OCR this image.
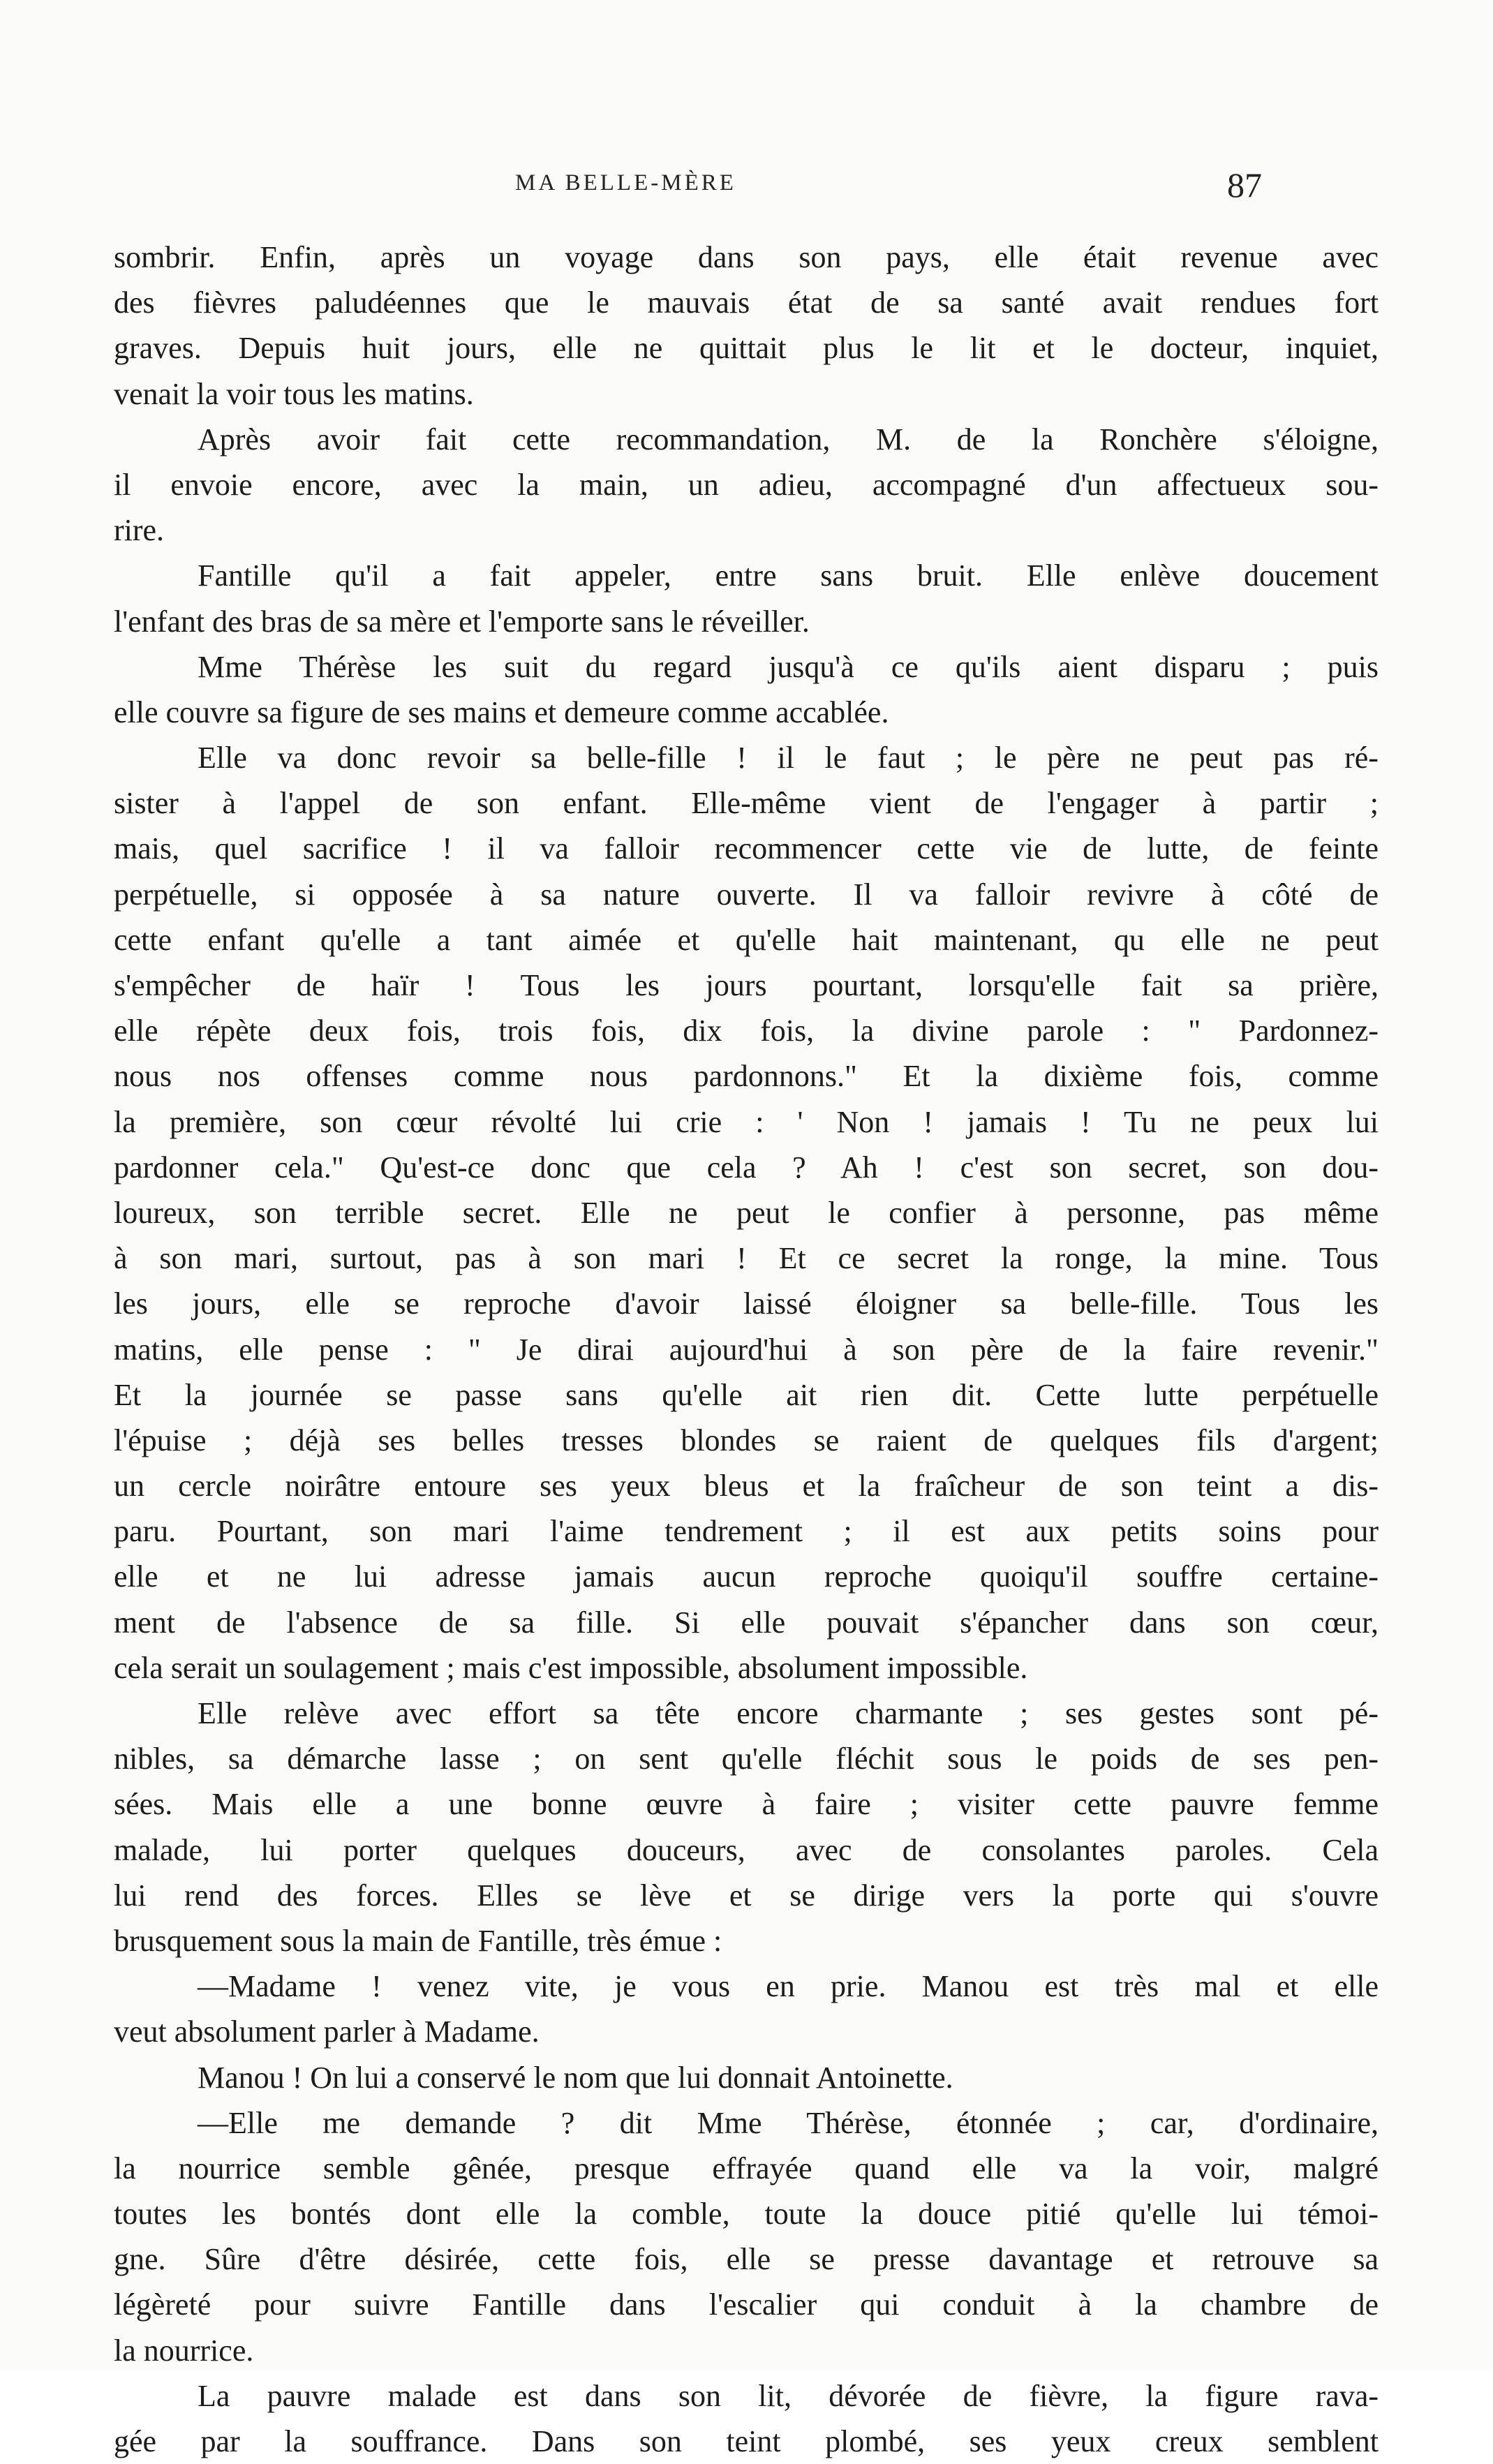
MA BELLE-MÈRE	87
sombrir. Enfin, après un voyage dans son pays, elle était revenue avec
des fièvres paludéennes que le mauvais état de sa santé avait rendues fort
graves. Depuis huit jours, elle ne quittait plus le lit et le docteur, inquiet,
venait la voir tous les matins.
Après avoir fait cette recommandation, M. de la Ronchère s'éloigne,
il envoie encore, avec la main, un adieu, accompagné d'un affectueux sou-
rire.
Fantille qu'il a fait appeler, entre sans bruit. Elle enlève doucement
l'enfant des bras de sa mère et l'emporte sans le réveiller.
Mme Thérèse les suit du regard jusqu'à ce qu'ils aient disparu ; puis
elle couvre sa figure de ses mains et demeure comme accablée.
Elle va donc revoir sa belle-fille ! il le faut ; le père ne peut pas ré-
sister à l'appel de son enfant. Elle-même vient de l'engager à partir ;
mais, quel sacrifice ! il va falloir recommencer cette vie de lutte, de feinte
perpétuelle, si opposée à sa nature ouverte. Il va falloir revivre à côté de
cette enfant qu'elle a tant aimée et qu'elle hait maintenant, qu elle ne peut
s'empêcher de haïr ! Tous les jours pourtant, lorsqu'elle fait sa prière,
elle répète deux fois, trois fois, dix fois, la divine parole : " Pardonnez-
nous nos offenses comme nous pardonnons." Et la dixième fois, comme
la première, son cœur révolté lui crie : ' Non ! jamais ! Tu ne peux lui
pardonner cela." Qu'est-ce donc que cela ? Ah ! c'est son secret, son dou-
loureux, son terrible secret. Elle ne peut le confier à personne, pas même
à son mari, surtout, pas à son mari ! Et ce secret la ronge, la mine. Tous
les jours, elle se reproche d'avoir laissé éloigner sa belle-fille. Tous les
matins, elle pense : " Je dirai aujourd'hui à son père de la faire revenir."
Et la journée se passe sans qu'elle ait rien dit. Cette lutte perpétuelle
l'épuise ; déjà ses belles tresses blondes se raient de quelques fils d'argent;
un cercle noirâtre entoure ses yeux bleus et la fraîcheur de son teint a dis-
paru. Pourtant, son mari l'aime tendrement ; il est aux petits soins pour
elle et ne lui adresse jamais aucun reproche quoiqu'il souffre certaine-
ment de l'absence de sa fille. Si elle pouvait s'épancher dans son cœur,
cela serait un soulagement ; mais c'est impossible, absolument impossible.
Elle relève avec effort sa tête encore charmante ; ses gestes sont pé-
nibles, sa démarche lasse ; on sent qu'elle fléchit sous le poids de ses pen-
sées. Mais elle a une bonne œuvre à faire ; visiter cette pauvre femme
malade, lui porter quelques douceurs, avec de consolantes paroles. Cela
lui rend des forces. Elles se lève et se dirige vers la porte qui s'ouvre
brusquement sous la main de Fantille, très émue :
—Madame ! venez vite, je vous en prie. Manou est très mal et elle
veut absolument parler à Madame.
Manou ! On lui a conservé le nom que lui donnait Antoinette.
—Elle me demande ? dit Mme Thérèse, étonnée ; car, d'ordinaire,
la nourrice semble gênée, presque effrayée quand elle va la voir, malgré
toutes les bontés dont elle la comble, toute la douce pitié qu'elle lui témoi-
gne. Sûre d'être désirée, cette fois, elle se presse davantage et retrouve sa
légèreté pour suivre Fantille dans l'escalier qui conduit à la chambre de
la nourrice.
La pauvre malade est dans son lit, dévorée de fièvre, la figure rava-
gée par la souffrance. Dans son teint plombé, ses yeux creux semblent
